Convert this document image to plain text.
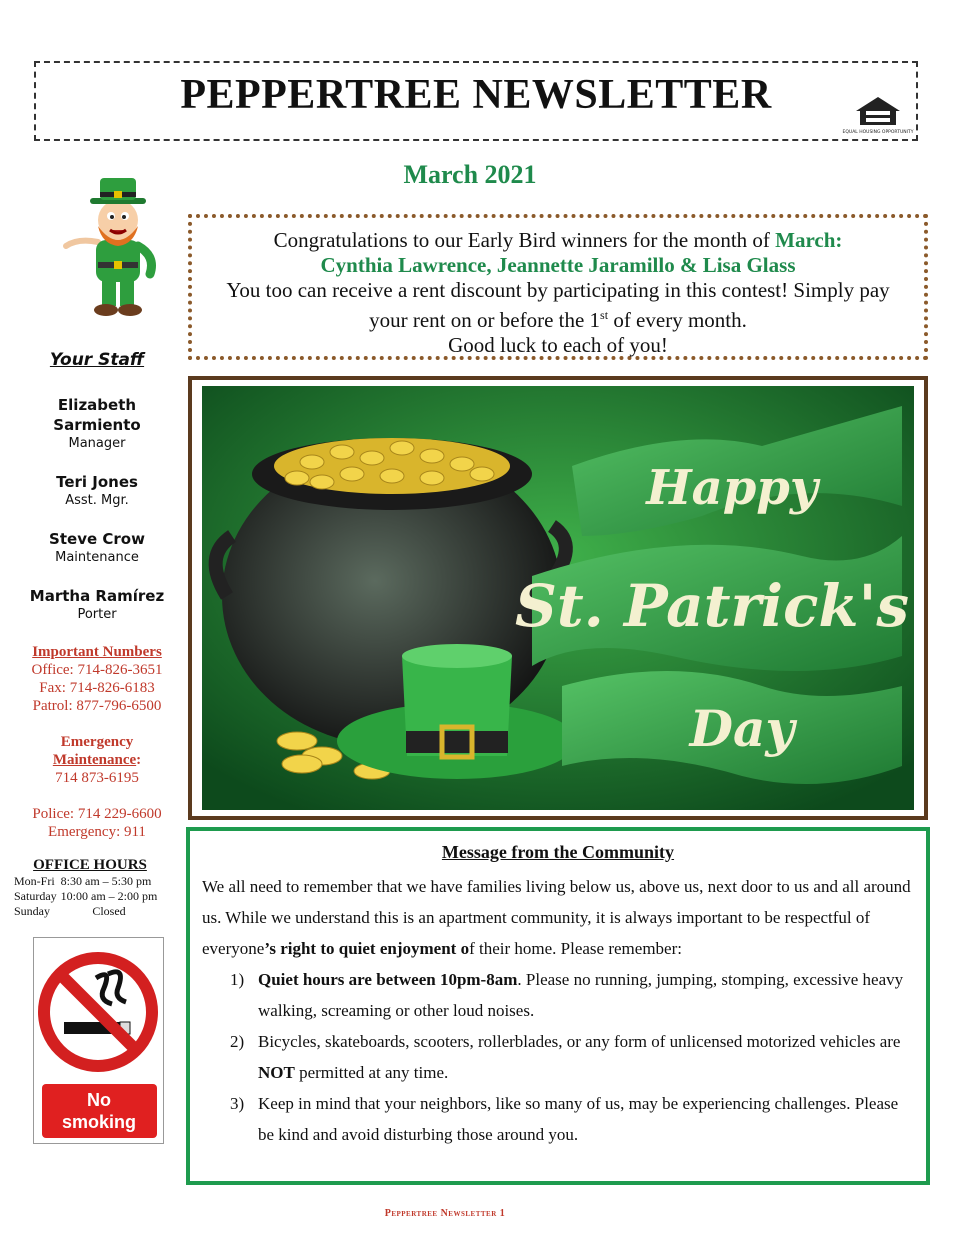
PEPPERTREE NEWSLETTER
EQUAL HOUSING OPPORTUNITY
March 2021
Your Staff
Elizabeth
Sarmiento
Manager
Teri Jones
Asst. Mgr.
Steve Crow
Maintenance
Martha Ramírez
Porter
Important Numbers
Office: 714-826-3651
Fax: 714-826-6183
Patrol: 877-796-6500
Emergency
Maintenance:
714 873-6195
Police: 714 229-6600
Emergency: 911
OFFICE HOURS
Mon-Fri	8:30 am – 5:30 pm
Saturday	10:00 am – 2:00 pm
Sunday	Closed
No
smoking
Congratulations to our Early Bird winners for the month of March:
Cynthia Lawrence, Jeannette Jaramillo & Lisa Glass
You too can receive a rent discount by participating in this contest! Simply pay
your rent on or before the 1st of every month.
Good luck to each of you!
Happy
St. Patrick's
Day
Message from the Community
We all need to remember that we have families living below us, above us, next door to us and all around us. While we understand this is an apartment community, it is always important to be respectful of everyone’s right to quiet enjoyment of their home. Please remember:
1) Quiet hours are between 10pm-8am. Please no running, jumping, stomping, excessive heavy walking, screaming or other loud noises.
2) Bicycles, skateboards, scooters, rollerblades, or any form of unlicensed motorized vehicles are NOT permitted at any time.
3) Keep in mind that your neighbors, like so many of us, may be experiencing challenges. Please be kind and avoid disturbing those around you.
Peppertree Newsletter 1
